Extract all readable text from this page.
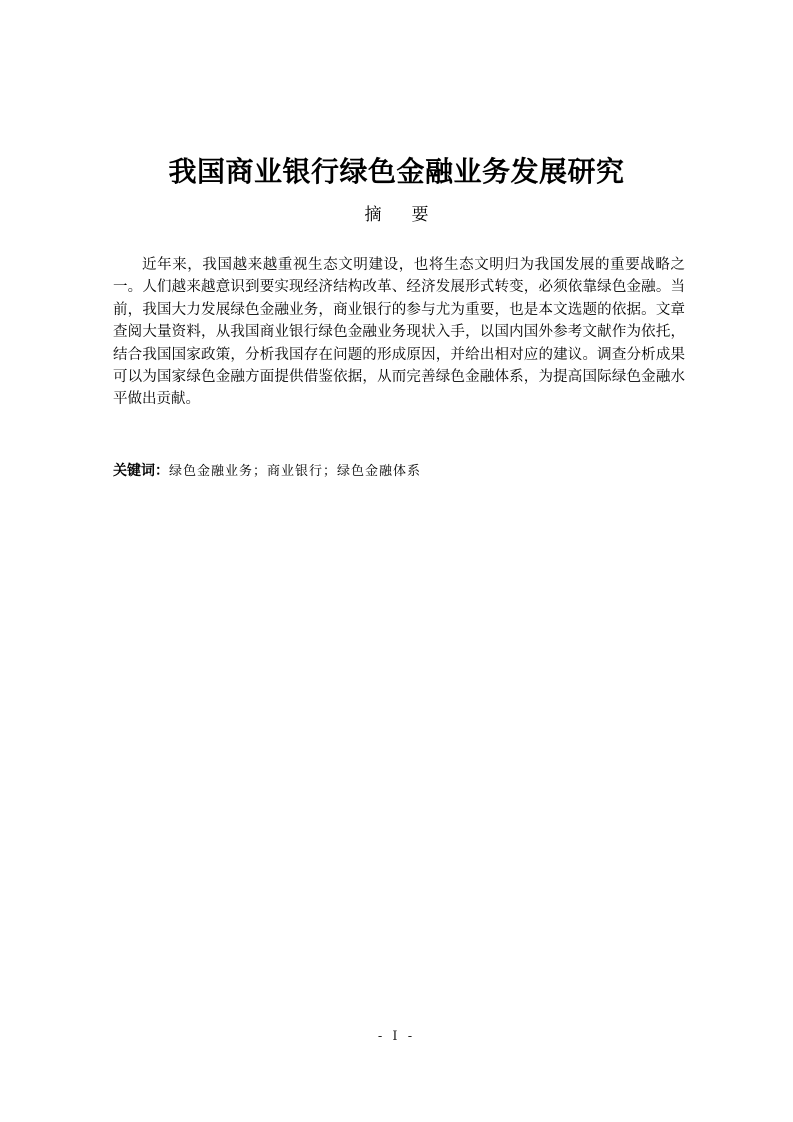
我国商业银行绿色金融业务发展研究
摘要

近年来，我国越来越重视生态文明建设，也将生态文明归为我国发展的重要战略之一。人们越来越意识到要实现经济结构改革、经济发展形式转变，必须依靠绿色金融。当前，我国大力发展绿色金融业务，商业银行的参与尤为重要，也是本文选题的依据。文章查阅大量资料，从我国商业银行绿色金融业务现状入手，以国内国外参考文献作为依托，结合我国国家政策，分析我国存在问题的形成原因，并给出相对应的建议。调查分析成果可以为国家绿色金融方面提供借鉴依据，从而完善绿色金融体系，为提高国际绿色金融水平做出贡献。

关键词：绿色金融业务；商业银行；绿色金融体系
- I -
